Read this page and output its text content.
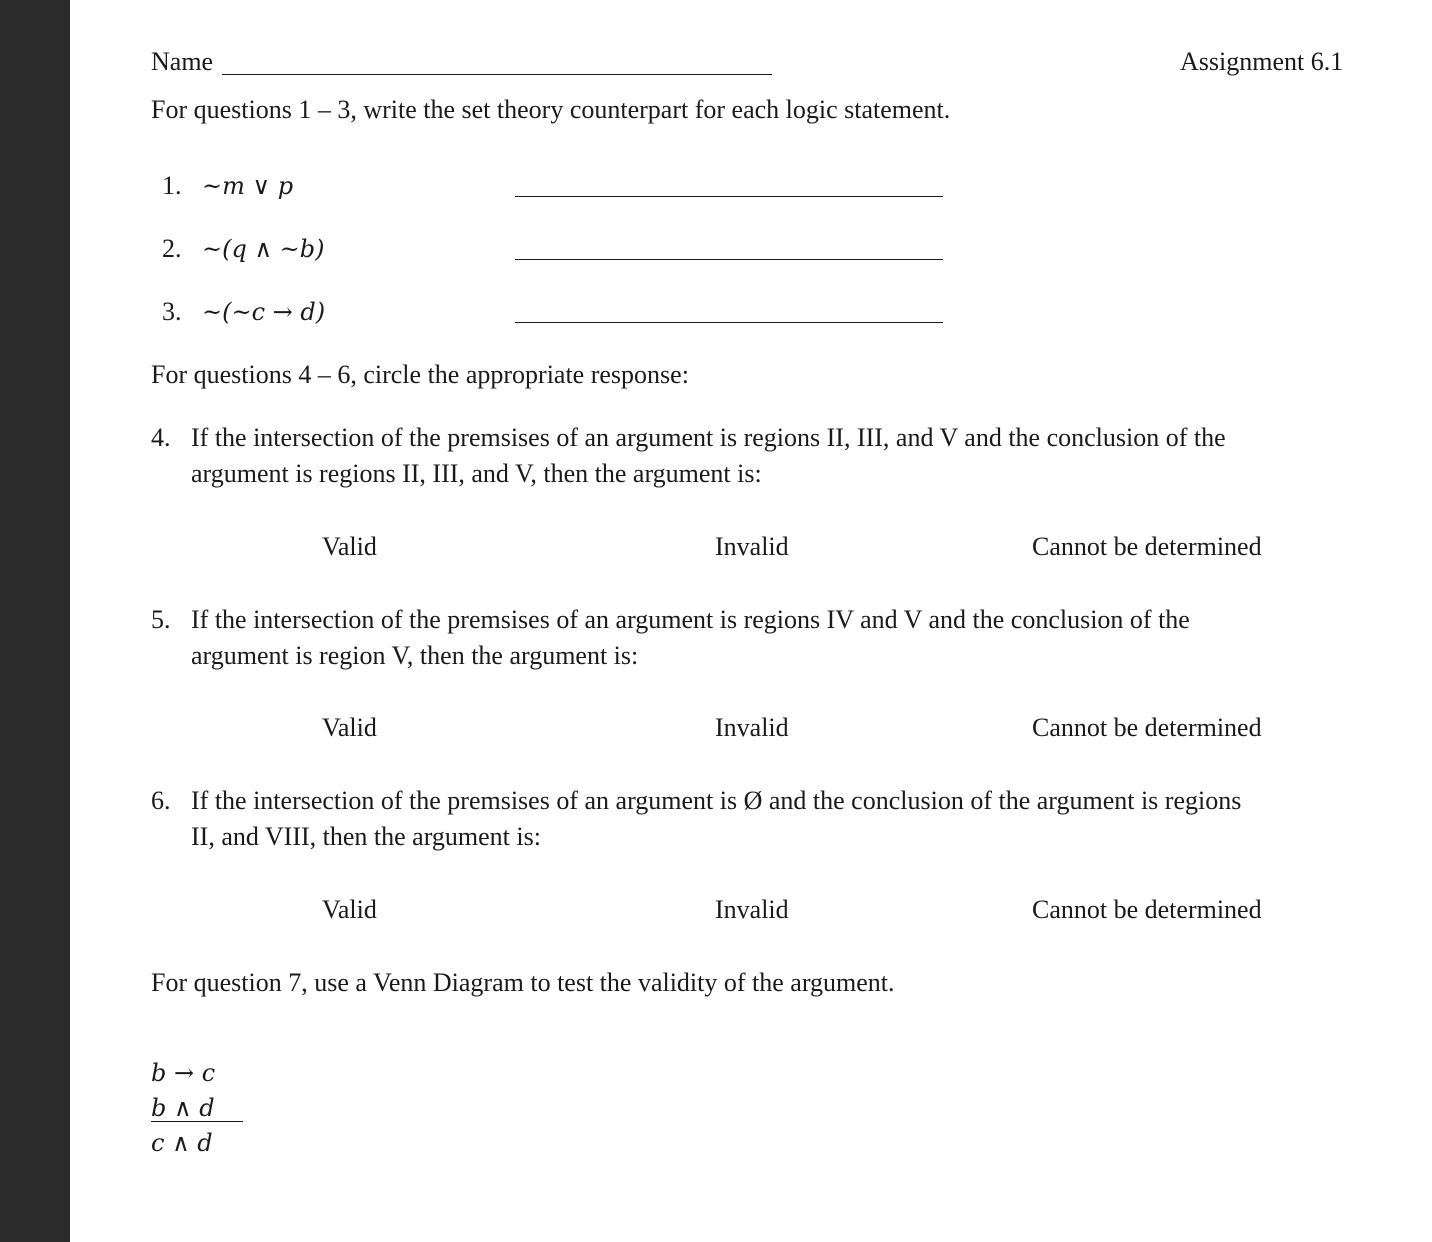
Name	Assignment 6.1
For questions 1 – 3, write the set theory counterpart for each logic statement.
1. ~m ∨ p
2. ~(q ∧ ~b)
3. ~(~c → d)
For questions 4 – 6, circle the appropriate response:
4. If the intersection of the premsises of an argument is regions II, III, and V and the conclusion of the
argument is regions II, III, and V, then the argument is:
Valid	Invalid	Cannot be determined
5. If the intersection of the premsises of an argument is regions IV and V and the conclusion of the
argument is region V, then the argument is:
Valid	Invalid	Cannot be determined
6. If the intersection of the premsises of an argument is Ø and the conclusion of the argument is regions
II, and VIII, then the argument is:
Valid	Invalid	Cannot be determined
For question 7, use a Venn Diagram to test the validity of the argument.
b → c
b ∧ d
c ∧ d
